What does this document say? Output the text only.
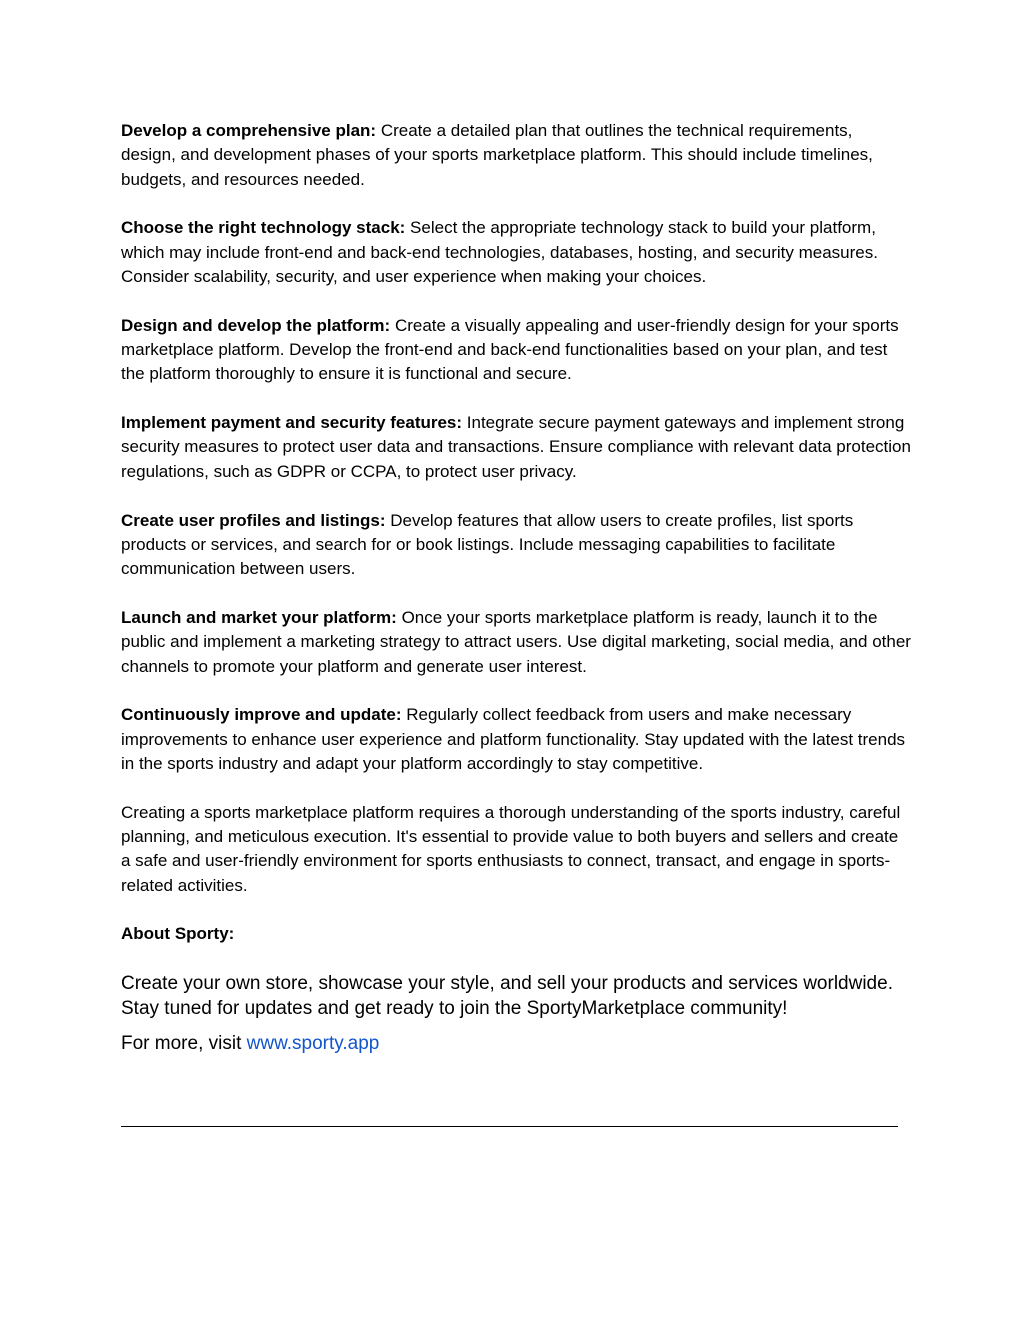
Develop a comprehensive plan: Create a detailed plan that outlines the technical requirements, design, and development phases of your sports marketplace platform. This should include timelines, budgets, and resources needed.

Choose the right technology stack: Select the appropriate technology stack to build your platform, which may include front-end and back-end technologies, databases, hosting, and security measures. Consider scalability, security, and user experience when making your choices.

Design and develop the platform: Create a visually appealing and user-friendly design for your sports marketplace platform. Develop the front-end and back-end functionalities based on your plan, and test the platform thoroughly to ensure it is functional and secure.

Implement payment and security features: Integrate secure payment gateways and implement strong security measures to protect user data and transactions. Ensure compliance with relevant data protection regulations, such as GDPR or CCPA, to protect user privacy.

Create user profiles and listings: Develop features that allow users to create profiles, list sports products or services, and search for or book listings. Include messaging capabilities to facilitate communication between users.

Launch and market your platform: Once your sports marketplace platform is ready, launch it to the public and implement a marketing strategy to attract users. Use digital marketing, social media, and other channels to promote your platform and generate user interest.

Continuously improve and update: Regularly collect feedback from users and make necessary improvements to enhance user experience and platform functionality. Stay updated with the latest trends in the sports industry and adapt your platform accordingly to stay competitive.

Creating a sports marketplace platform requires a thorough understanding of the sports industry, careful planning, and meticulous execution. It's essential to provide value to both buyers and sellers and create a safe and user-friendly environment for sports enthusiasts to connect, transact, and engage in sports-related activities.

About Sporty:

Create your own store, showcase your style, and sell your products and services worldwide. Stay tuned for updates and get ready to join the SportyMarketplace community!

For more, visit www.sporty.app
